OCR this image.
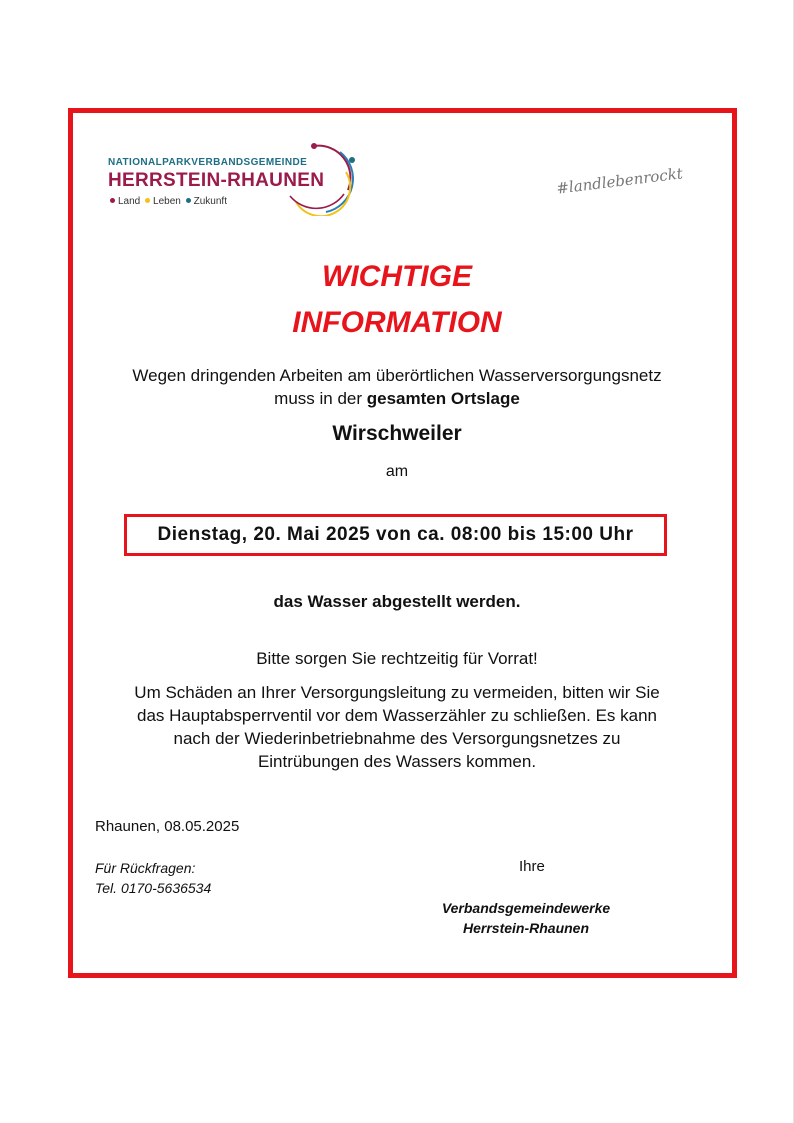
NATIONALPARKVERBANDSGEMEINDE
HERRSTEIN-RHAUNEN
Land Leben Zukunft
#landlebenrockt
WICHTIGE
INFORMATION
Wegen dringenden Arbeiten am überörtlichen Wasserversorgungsnetz
muss in der gesamten Ortslage
Wirschweiler
am
Dienstag, 20. Mai 2025 von ca. 08:00 bis 15:00 Uhr
das Wasser abgestellt werden.
Bitte sorgen Sie rechtzeitig für Vorrat!
Um Schäden an Ihrer Versorgungsleitung zu vermeiden, bitten wir Sie
das Hauptabsperrventil vor dem Wasserzähler zu schließen. Es kann
nach der Wiederinbetriebnahme des Versorgungsnetzes zu
Eintrübungen des Wassers kommen.
Rhaunen, 08.05.2025
Für Rückfragen:
Tel. 0170-5636534
Ihre
Verbandsgemeindewerke
Herrstein-Rhaunen
